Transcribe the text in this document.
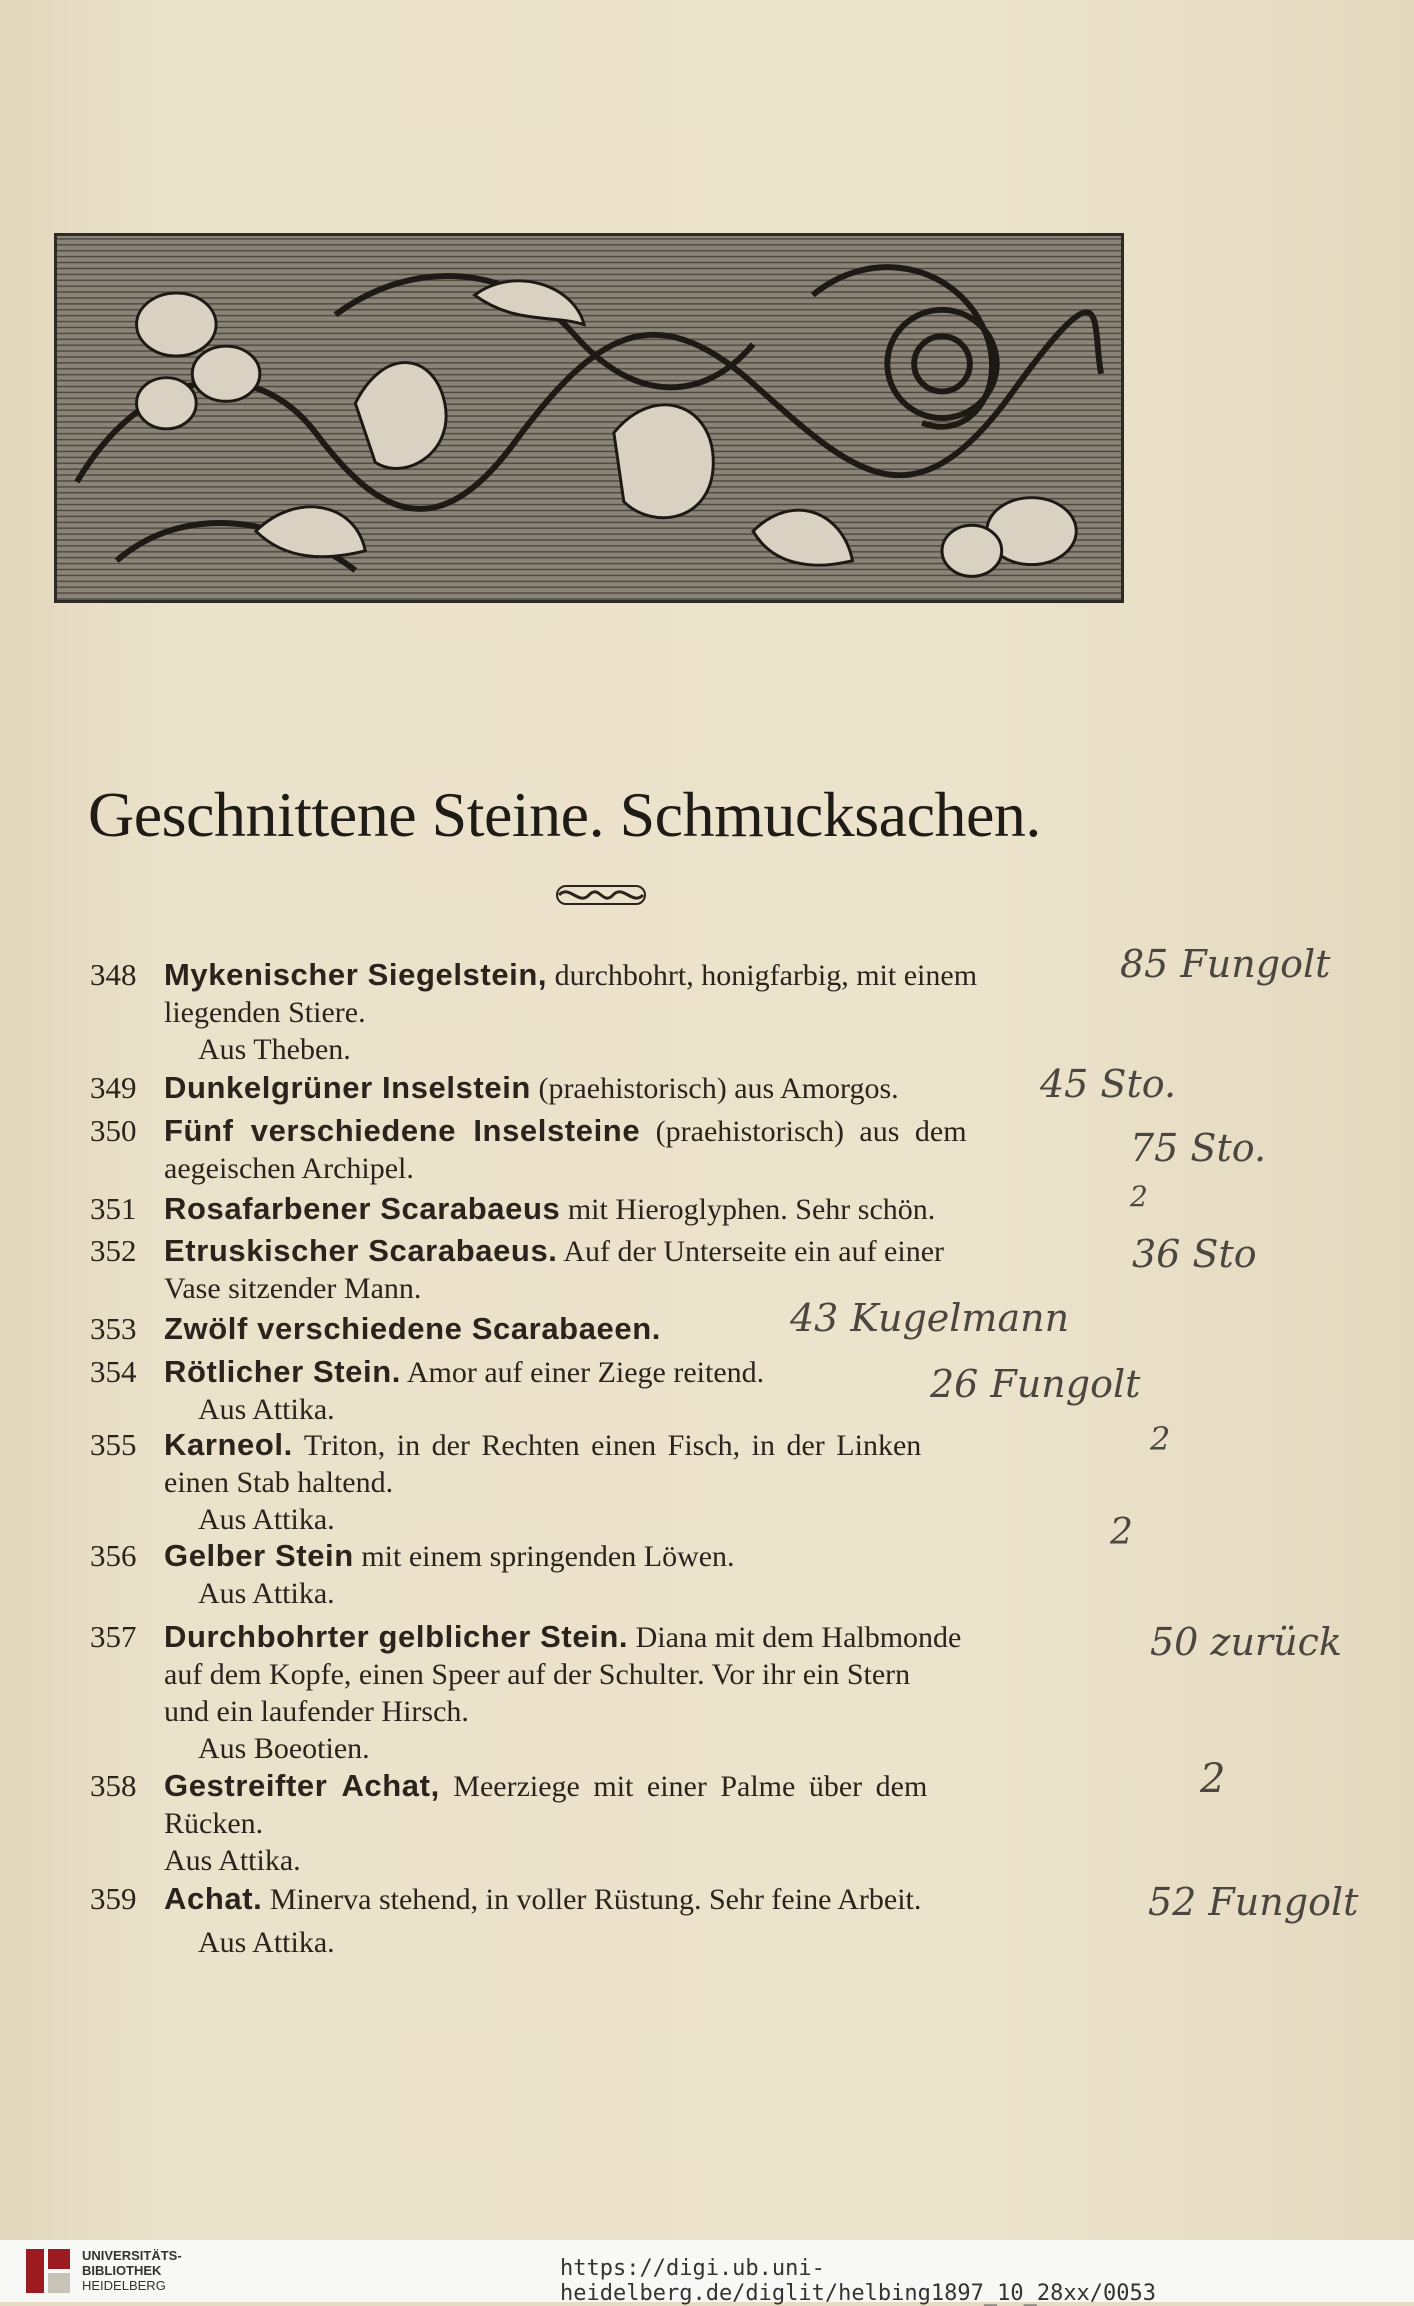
Geschnittene Steine. Schmucksachen.
348 Mykenischer Siegelstein, durchbohrt, honigfarbig, mit einem
liegenden Stiere.
Aus Theben.
349 Dunkelgrüner Inselstein (praehistorisch) aus Amorgos.
350 Fünf verschiedene Inselsteine (praehistorisch) aus dem
aegeischen Archipel.
351 Rosafarbener Scarabaeus mit Hieroglyphen. Sehr schön.
352 Etruskischer Scarabaeus. Auf der Unterseite ein auf einer
Vase sitzender Mann.
353 Zwölf verschiedene Scarabaeen.
354 Rötlicher Stein. Amor auf einer Ziege reitend.
Aus Attika.
355 Karneol. Triton, in der Rechten einen Fisch, in der Linken
einen Stab haltend.
Aus Attika.
356 Gelber Stein mit einem springenden Löwen.
Aus Attika.
357 Durchbohrter gelblicher Stein. Diana mit dem Halbmonde
auf dem Kopfe, einen Speer auf der Schulter. Vor ihr ein Stern
und ein laufender Hirsch.
Aus Boeotien.
358 Gestreifter Achat, Meerziege mit einer Palme über dem
Rücken.
Aus Attika.
359 Achat. Minerva stehend, in voller Rüstung. Sehr feine Arbeit.
Aus Attika.
85 Fungolt
45 Sto.
75 Sto.
2
36 Sto
43 Kugelmann
26 Fungolt
2
2
50 zurück
2
52 Fungolt
UNIVERSITÄTS-
BIBLIOTHEK
HEIDELBERG
https://digi.ub.uni-heidelberg.de/diglit/helbing1897_10_28xx/0053
